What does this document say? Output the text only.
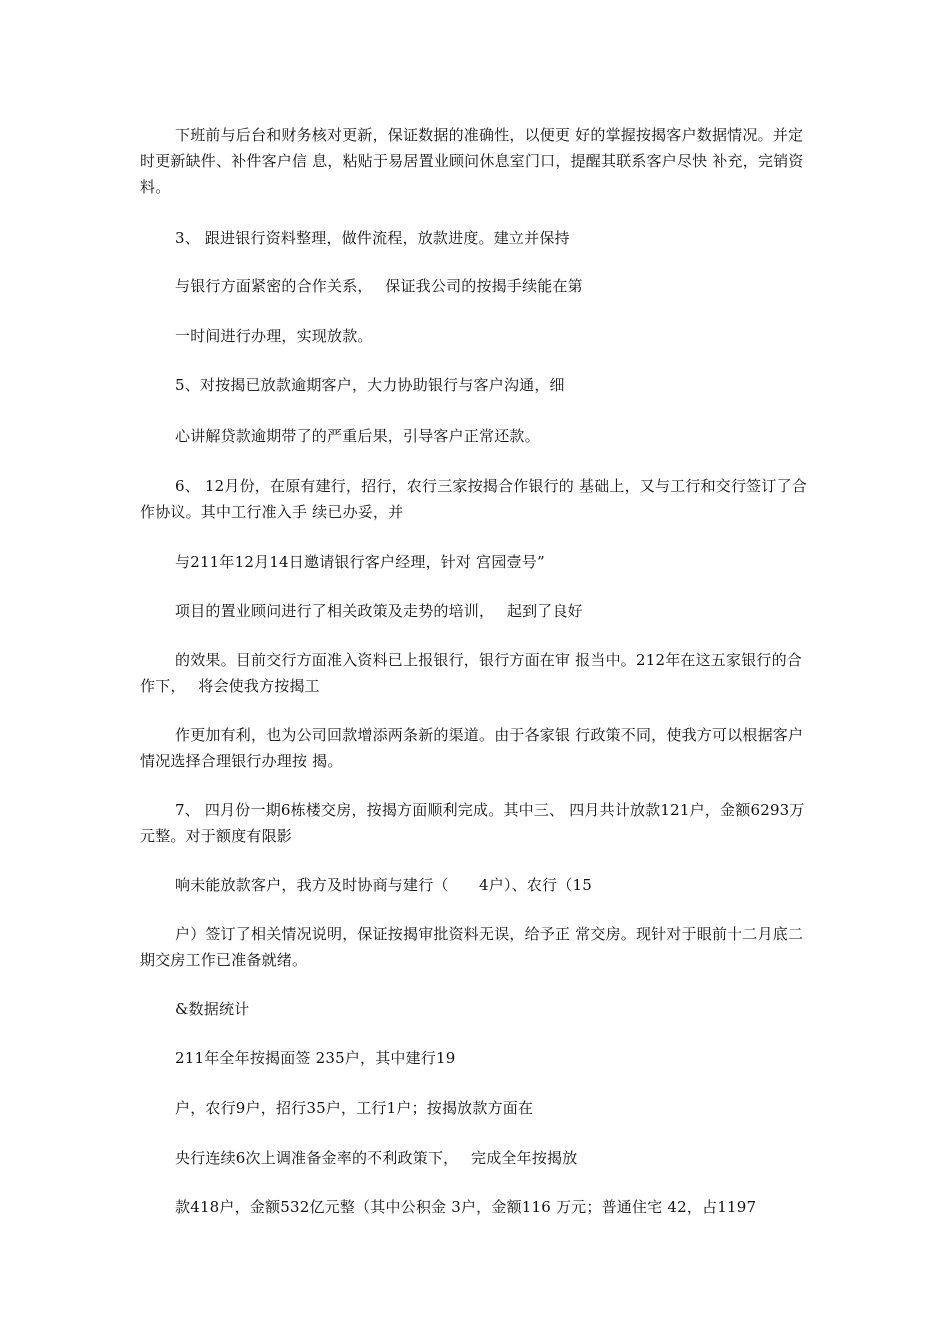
下班前与后台和财务核对更新，保证数据的准确性，以便更 好的掌握按揭客户数据情况。并定时更新缺件、补件客户信 息，粘贴于易居置业顾问休息室门口，提醒其联系客户尽快 补充，完销资料。

3、 跟进银行资料整理，做件流程，放款进度。建立并保持

与银行方面紧密的合作关系，　 保证我公司的按揭手续能在第

一时间进行办理，实现放款。

5、对按揭已放款逾期客户，大力协助银行与客户沟通，细

心讲解贷款逾期带了的严重后果，引导客户正常还款。

6、 12月份，在原有建行，招行，农行三家按揭合作银行的 基础上，又与工行和交行签订了合作协议。其中工行准入手 续已办妥，并

与211年12月14日邀请银行客户经理，针对 宫园壹号”

项目的置业顾问进行了相关政策及走势的培训，　 起到了良好

的效果。目前交行方面准入资料已上报银行，银行方面在审 报当中。212年在这五家银行的合作下，　 将会使我方按揭工

作更加有利，也为公司回款增添两条新的渠道。由于各家银 行政策不同，使我方可以根据客户情况选择合理银行办理按 揭。

7、 四月份一期6栋楼交房，按揭方面顺利完成。其中三、 四月共计放款121户，金额6293万元整。对于额度有限影

响未能放款客户，我方及时协商与建行（　　4户）、农行（15

户）签订了相关情况说明，保证按揭审批资料无误，给予正 常交房。现针对于眼前十二月底二期交房工作已准备就绪。

&数据统计

211年全年按揭面签 235户，其中建行19

户，农行9户，招行35户，工行1户；按揭放款方面在

央行连续6次上调准备金率的不利政策下，　 完成全年按揭放

款418户，金额532亿元整（其中公积金 3户，金额116 万元；普通住宅 42，占1197
